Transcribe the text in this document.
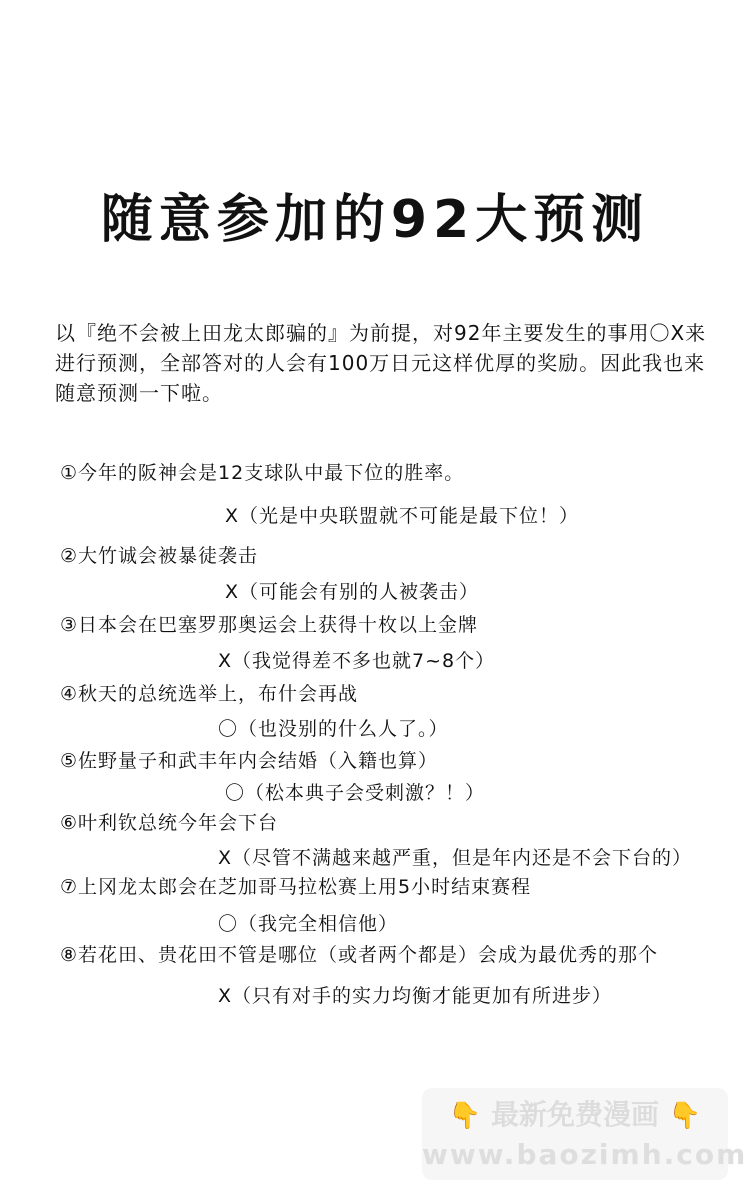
随意参加的92大预测

以『绝不会被上田龙太郎骗的』为前提，对92年主要发生的事用〇X来进行预测，全部答对的人会有100万日元这样优厚的奖励。因此我也来随意预测一下啦。

①今年的阪神会是12支球队中最下位的胜率。
X（光是中央联盟就不可能是最下位！）
②大竹诚会被暴徒袭击
X（可能会有别的人被袭击）
③日本会在巴塞罗那奥运会上获得十枚以上金牌
X（我觉得差不多也就7~8个）
④秋天的总统选举上，布什会再战
〇（也没别的什么人了。）
⑤佐野量子和武丰年内会结婚（入籍也算）
〇（松本典子会受刺激？！）
⑥叶利钦总统今年会下台
X（尽管不满越来越严重，但是年内还是不会下台的）
⑦上冈龙太郎会在芝加哥马拉松赛上用5小时结束赛程
〇（我完全相信他）
⑧若花田、贵花田不管是哪位（或者两个都是）会成为最优秀的那个
X（只有对手的实力均衡才能更加有所进步）
👇 最新免费漫画 👇
www.baozimh.com
